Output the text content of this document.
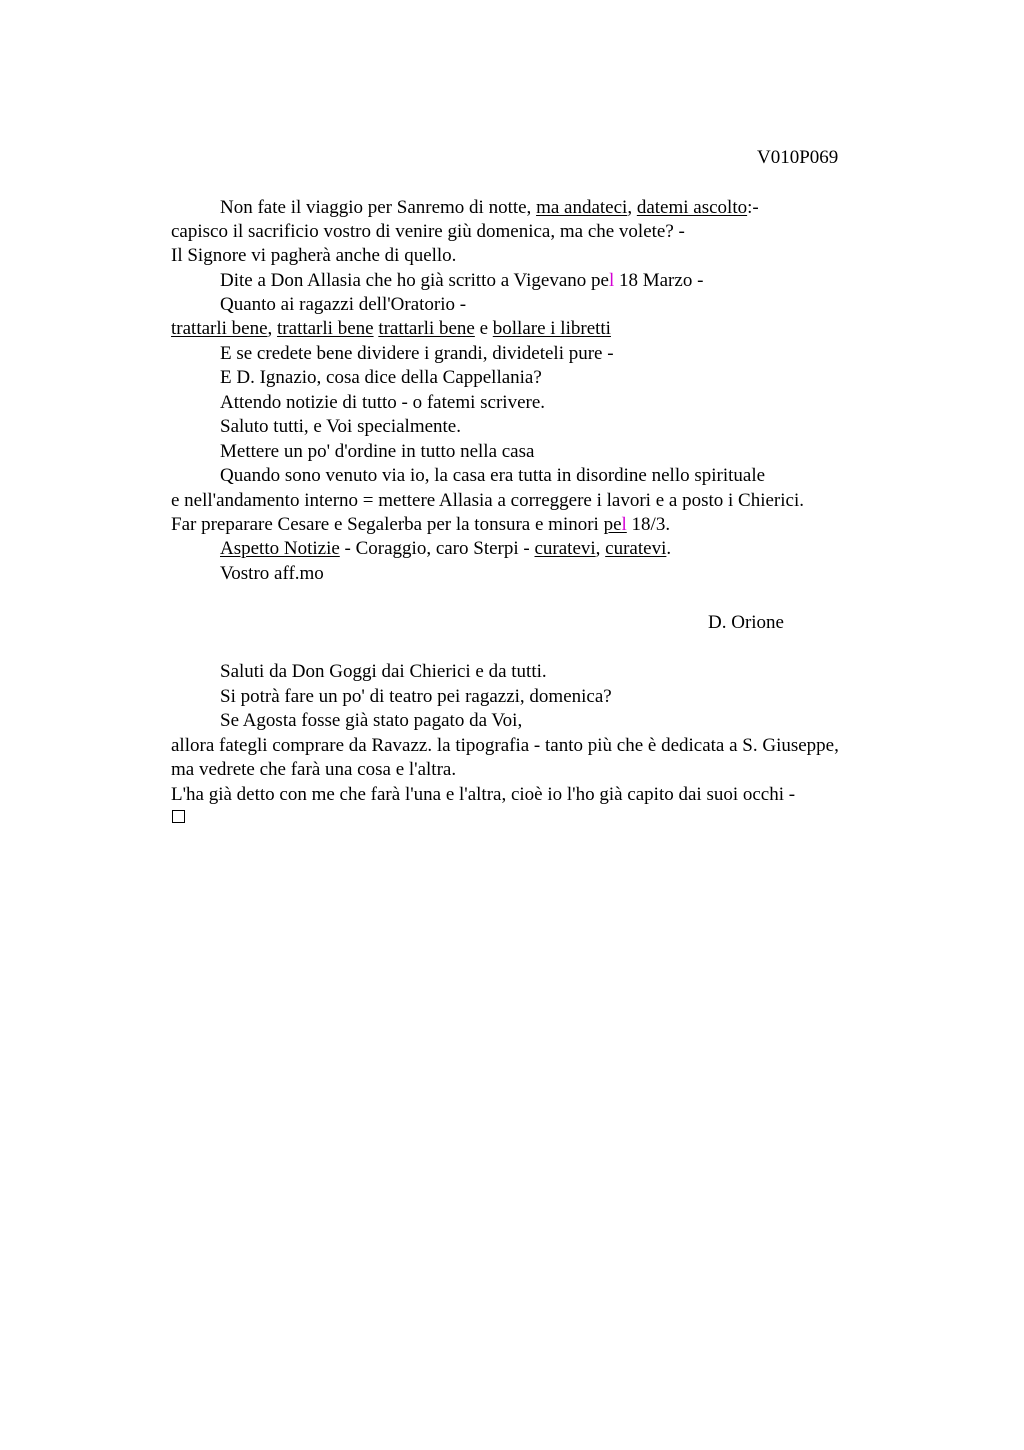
V010P069
Non fate il viaggio per Sanremo di notte, ma andateci, datemi ascolto:-
capisco il sacrificio vostro di venire giù domenica, ma che volete? -
Il Signore vi pagherà anche di quello.
Dite a Don Allasia che ho già scritto a Vigevano pel 18 Marzo -
Quanto ai ragazzi dell'Oratorio -
trattarli bene, trattarli bene trattarli bene e bollare i libretti
E se credete bene dividere i grandi, divideteli pure -
E D. Ignazio, cosa dice della Cappellania?
Attendo notizie di tutto - o fatemi scrivere.
Saluto tutti, e Voi specialmente.
Mettere un po' d'ordine in tutto nella casa
Quando sono venuto via io, la casa era tutta in disordine nello spirituale
e nell'andamento interno = mettere Allasia a correggere i lavori e a posto i Chierici.
Far preparare Cesare e Segalerba per la tonsura e minori pel 18/3.
Aspetto Notizie - Coraggio, caro Sterpi - curatevi, curatevi.
Vostro aff.mo
D. Orione
Saluti da Don Goggi dai Chierici e da tutti.
Si potrà fare un po' di teatro pei ragazzi, domenica?
Se Agosta fosse già stato pagato da Voi,
allora fategli comprare da Ravazz. la tipografia - tanto più che è dedicata a S. Giuseppe,
ma vedrete che farà una cosa e l'altra.
L'ha già detto con me che farà l'una e l'altra, cioè io l'ho già capito dai suoi occhi -
